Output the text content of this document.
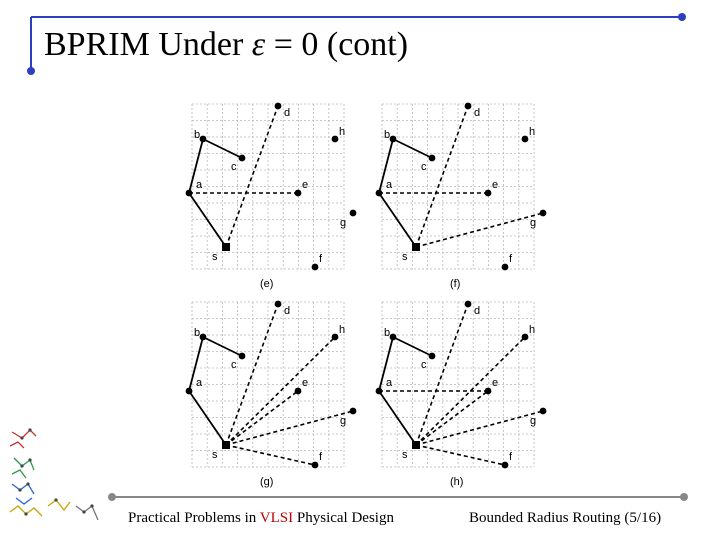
BPRIM Under ε = 0 (cont)
s
a
b
c
d
e
f
g
h
(e)
s
a
b
c
d
e
f
g
h
(f)
s
a
b
c
d
e
f
g
h
(g)
s
a
b
c
d
e
f
g
h
(h)
Practical Problems in VLSI Physical Design	Bounded Radius Routing (5/16)
